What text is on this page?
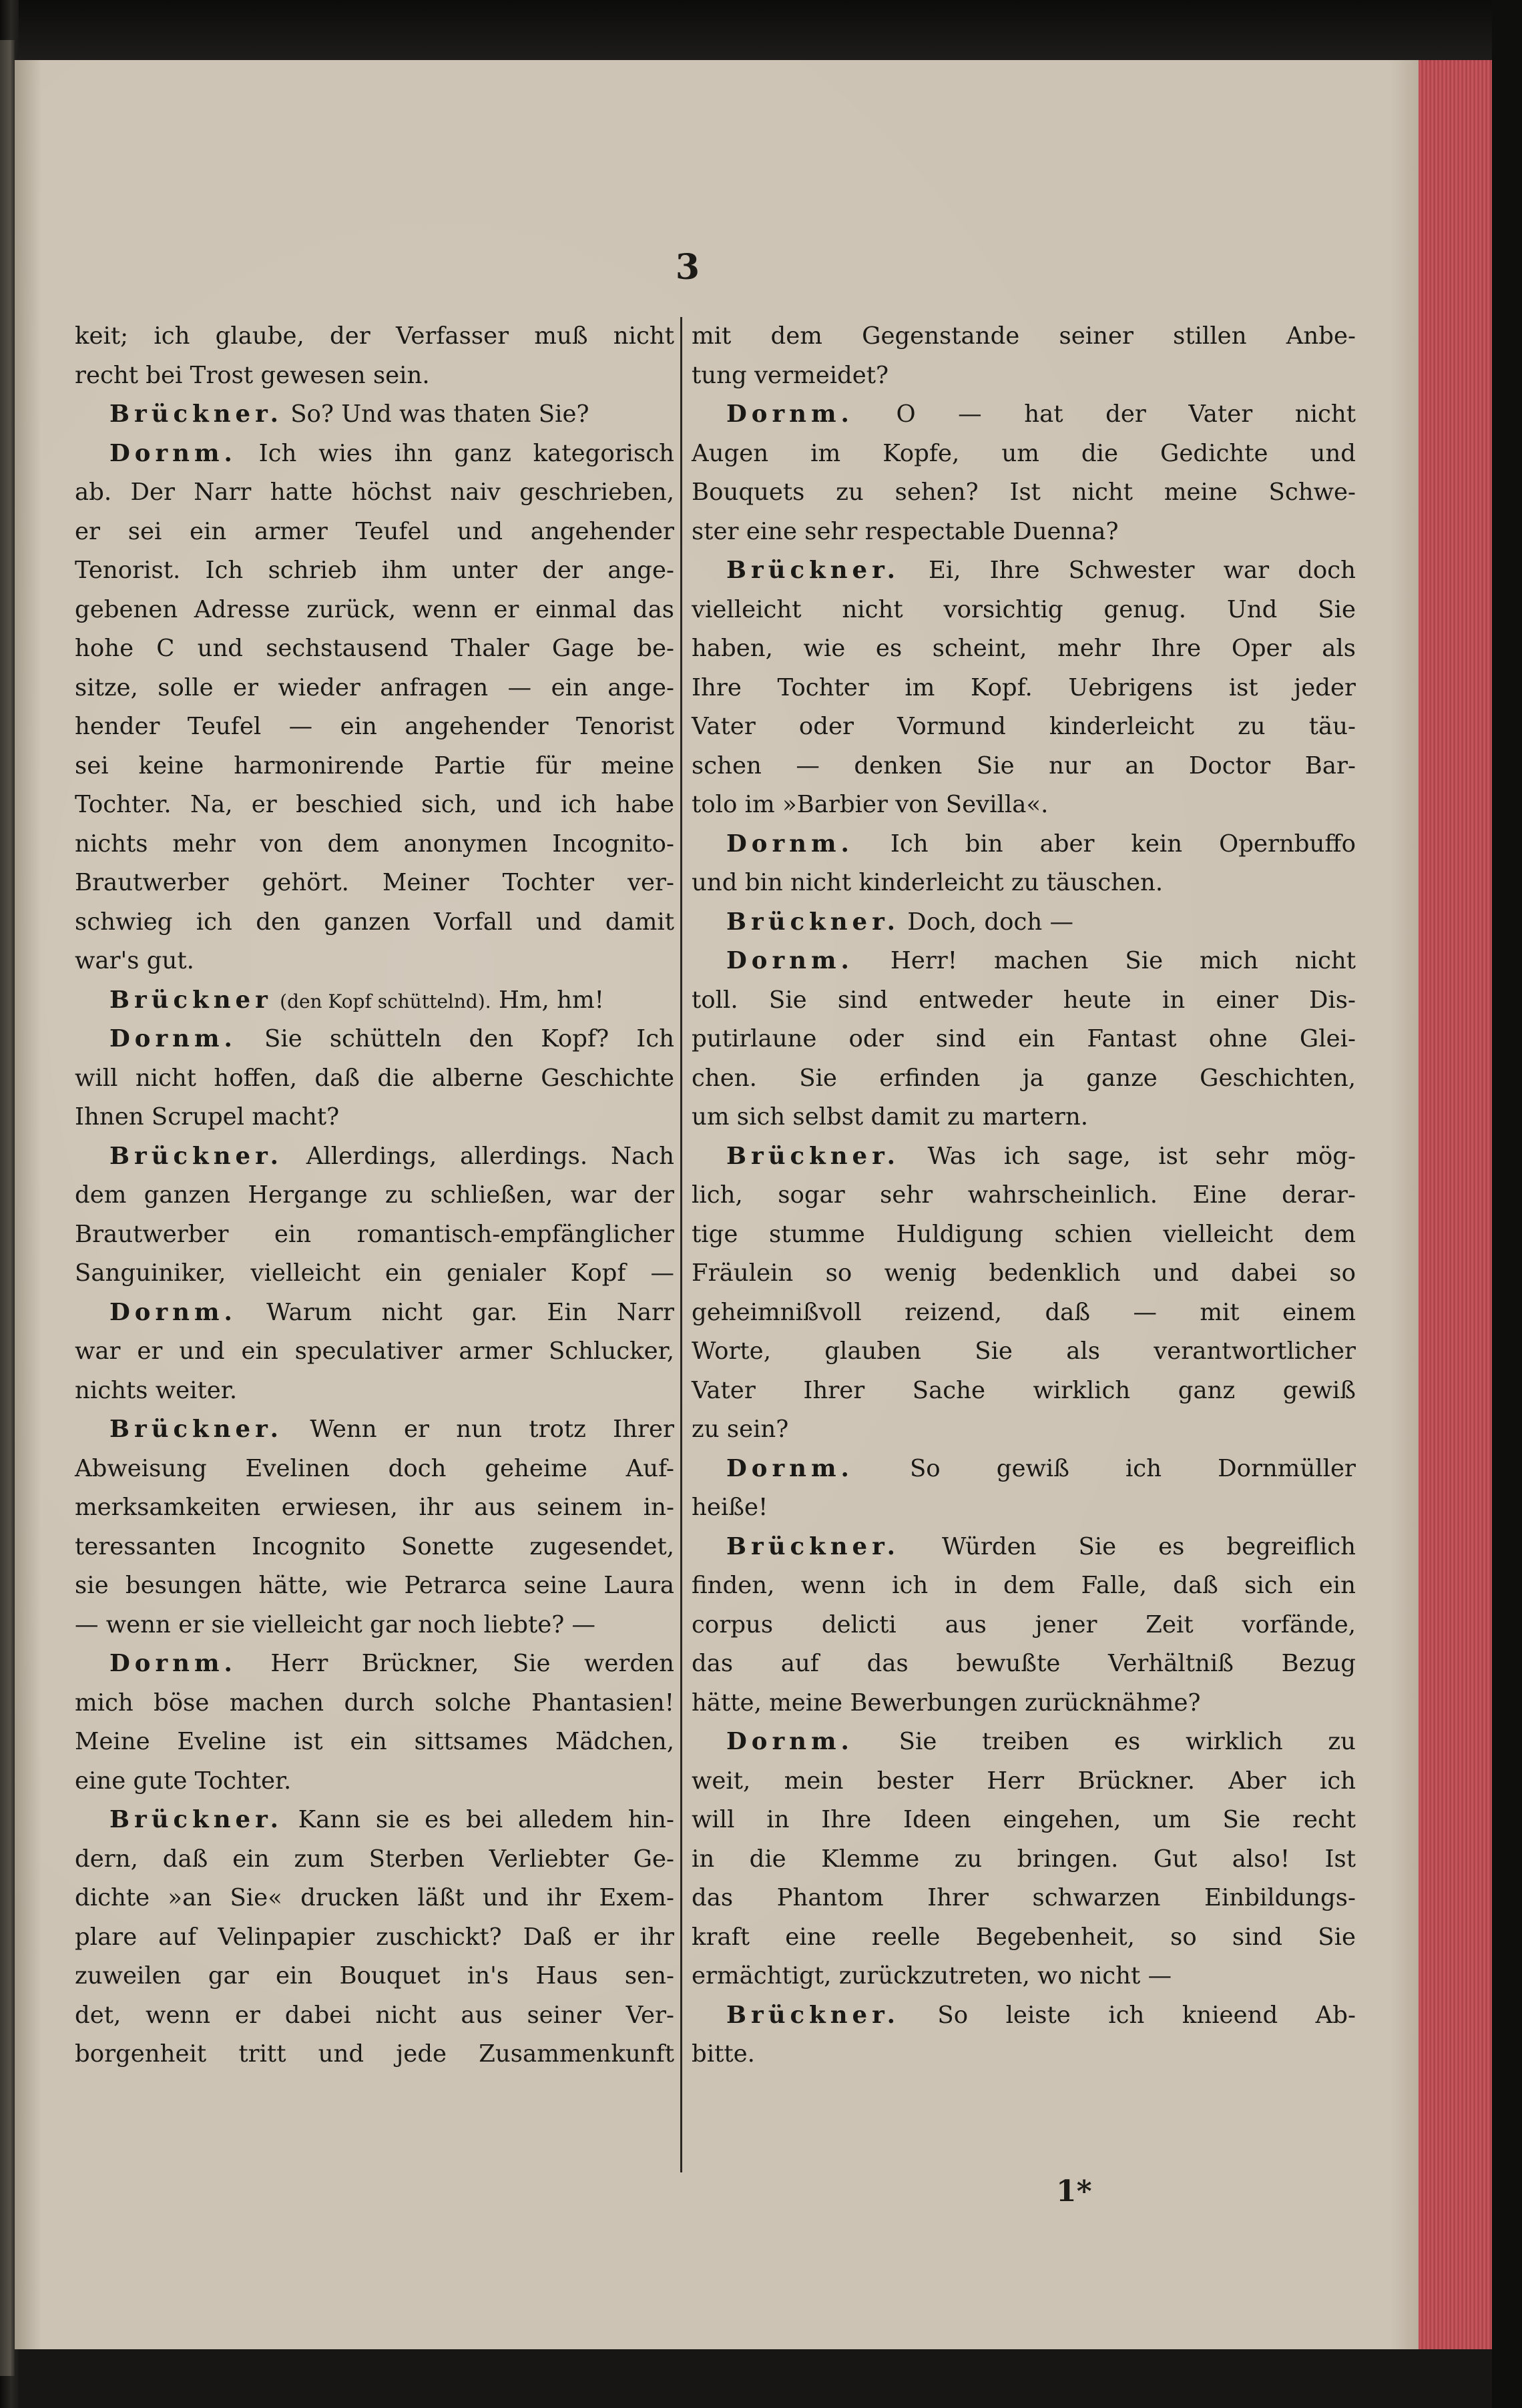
3
keit; ich glaube, der Verfasser muß nicht
recht bei Trost gewesen sein.
Brückner. So? Und was thaten Sie?
Dornm. Ich wies ihn ganz kategorisch
ab. Der Narr hatte höchst naiv geschrieben,
er sei ein armer Teufel und angehender
Tenorist. Ich schrieb ihm unter der ange-
gebenen Adresse zurück, wenn er einmal das
hohe C und sechstausend Thaler Gage be-
sitze, solle er wieder anfragen — ein ange-
hender Teufel — ein angehender Tenorist
sei keine harmonirende Partie für meine
Tochter. Na, er beschied sich, und ich habe
nichts mehr von dem anonymen Incognito-
Brautwerber gehört. Meiner Tochter ver-
schwieg ich den ganzen Vorfall und damit
war's gut.
Brückner (den Kopf schüttelnd). Hm, hm!
Dornm. Sie schütteln den Kopf? Ich
will nicht hoffen, daß die alberne Geschichte
Ihnen Scrupel macht?
Brückner. Allerdings, allerdings. Nach
dem ganzen Hergange zu schließen, war der
Brautwerber ein romantisch-empfänglicher
Sanguiniker, vielleicht ein genialer Kopf —
Dornm. Warum nicht gar. Ein Narr
war er und ein speculativer armer Schlucker,
nichts weiter.
Brückner. Wenn er nun trotz Ihrer
Abweisung Evelinen doch geheime Auf-
merksamkeiten erwiesen, ihr aus seinem in-
teressanten Incognito Sonette zugesendet,
sie besungen hätte, wie Petrarca seine Laura
— wenn er sie vielleicht gar noch liebte? —
Dornm. Herr Brückner, Sie werden
mich böse machen durch solche Phantasien!
Meine Eveline ist ein sittsames Mädchen,
eine gute Tochter.
Brückner. Kann sie es bei alledem hin-
dern, daß ein zum Sterben Verliebter Ge-
dichte »an Sie« drucken läßt und ihr Exem-
plare auf Velinpapier zuschickt? Daß er ihr
zuweilen gar ein Bouquet in's Haus sen-
det, wenn er dabei nicht aus seiner Ver-
borgenheit tritt und jede Zusammenkunft
mit dem Gegenstande seiner stillen Anbe-
tung vermeidet?
Dornm. O — hat der Vater nicht
Augen im Kopfe, um die Gedichte und
Bouquets zu sehen? Ist nicht meine Schwe-
ster eine sehr respectable Duenna?
Brückner. Ei, Ihre Schwester war doch
vielleicht nicht vorsichtig genug. Und Sie
haben, wie es scheint, mehr Ihre Oper als
Ihre Tochter im Kopf. Uebrigens ist jeder
Vater oder Vormund kinderleicht zu täu-
schen — denken Sie nur an Doctor Bar-
tolo im »Barbier von Sevilla«.
Dornm. Ich bin aber kein Opernbuffo
und bin nicht kinderleicht zu täuschen.
Brückner. Doch, doch —
Dornm. Herr! machen Sie mich nicht
toll. Sie sind entweder heute in einer Dis-
putirlaune oder sind ein Fantast ohne Glei-
chen. Sie erfinden ja ganze Geschichten,
um sich selbst damit zu martern.
Brückner. Was ich sage, ist sehr mög-
lich, sogar sehr wahrscheinlich. Eine derar-
tige stumme Huldigung schien vielleicht dem
Fräulein so wenig bedenklich und dabei so
geheimnißvoll reizend, daß — mit einem
Worte, glauben Sie als verantwortlicher
Vater Ihrer Sache wirklich ganz gewiß
zu sein?
Dornm. So gewiß ich Dornmüller
heiße!
Brückner. Würden Sie es begreiflich
finden, wenn ich in dem Falle, daß sich ein
corpus delicti aus jener Zeit vorfände,
das auf das bewußte Verhältniß Bezug
hätte, meine Bewerbungen zurücknähme?
Dornm. Sie treiben es wirklich zu
weit, mein bester Herr Brückner. Aber ich
will in Ihre Ideen eingehen, um Sie recht
in die Klemme zu bringen. Gut also! Ist
das Phantom Ihrer schwarzen Einbildungs-
kraft eine reelle Begebenheit, so sind Sie
ermächtigt, zurückzutreten, wo nicht —
Brückner. So leiste ich knieend Ab-
bitte.
1*
